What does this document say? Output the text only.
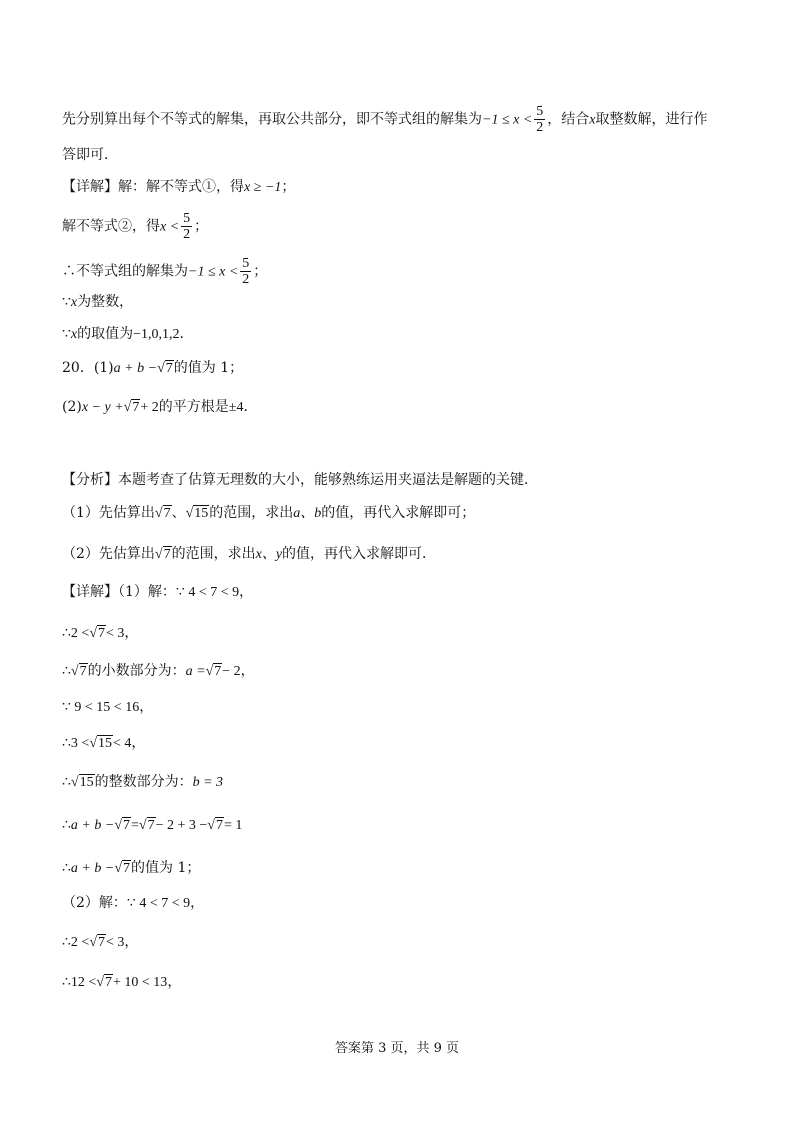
先分别算出每个不等式的解集，再取公共部分，即不等式组的解集为$-1 \le x < \frac{5}{2}$ ，结合x取整数解，进行作
答即可．
【详解】解：解不等式①，得x ≥ −1；
解不等式②，得$x < \frac{5}{2}$ ；
∴不等式组的解集为$-1 \le x < \frac{5}{2}$ ；
∵x为整数，
∵x的取值为−1,0,1,2．
20．(1)a + b −√7的值为 1；
(2)x − y +√7+ 2的平方根是±4．
【分析】本题考查了估算无理数的大小，能够熟练运用夹逼法是解题的关键．
（1）先估算出√7、√15的范围，求出a、b的值，再代入求解即可；
（2）先估算出√7的范围，求出x、y的值，再代入求解即可．
【详解】（1）解：∵ 4 < 7 < 9，
∴2 <√7< 3，
∴√7的小数部分为：a =√7− 2，
∵ 9 < 15 < 16，
∴3 <√15< 4，
∴√15的整数部分为：b = 3
∴a + b −√7=√7− 2 + 3 −√7= 1
∴a + b −√7的值为 1；
（2）解：∵ 4 < 7 < 9，
∴2 <√7< 3，
∴12 <√7+ 10 < 13，
答案第 3 页，共 9 页
